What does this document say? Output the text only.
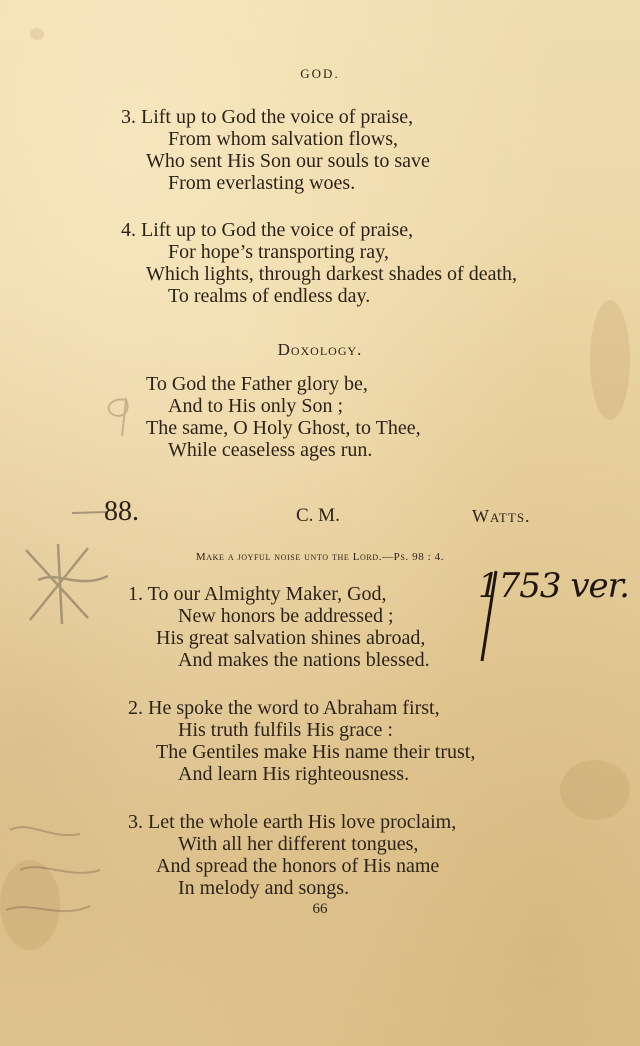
GOD.
3. Lift up to God the voice of praise,
From whom salvation flows,
Who sent His Son our souls to save
From everlasting woes.
4. Lift up to God the voice of praise,
For hope’s transporting ray,
Which lights, through darkest shades of death,
To realms of endless day.
Doxology.
To God the Father glory be,
And to His only Son ;
The same, O Holy Ghost, to Thee,
While ceaseless ages run.
88.	C. M.	Watts.
Make a joyful noise unto the Lord.—Ps. 98 : 4.
1. To our Almighty Maker, God,
New honors be addressed ;
His great salvation shines abroad,
And makes the nations blessed.
2. He spoke the word to Abraham first,
His truth fulfils His grace :
The Gentiles make His name their trust,
And learn His righteousness.
3. Let the whole earth His love proclaim,
With all her different tongues,
And spread the honors of His name
In melody and songs.
1753 ver.
66
